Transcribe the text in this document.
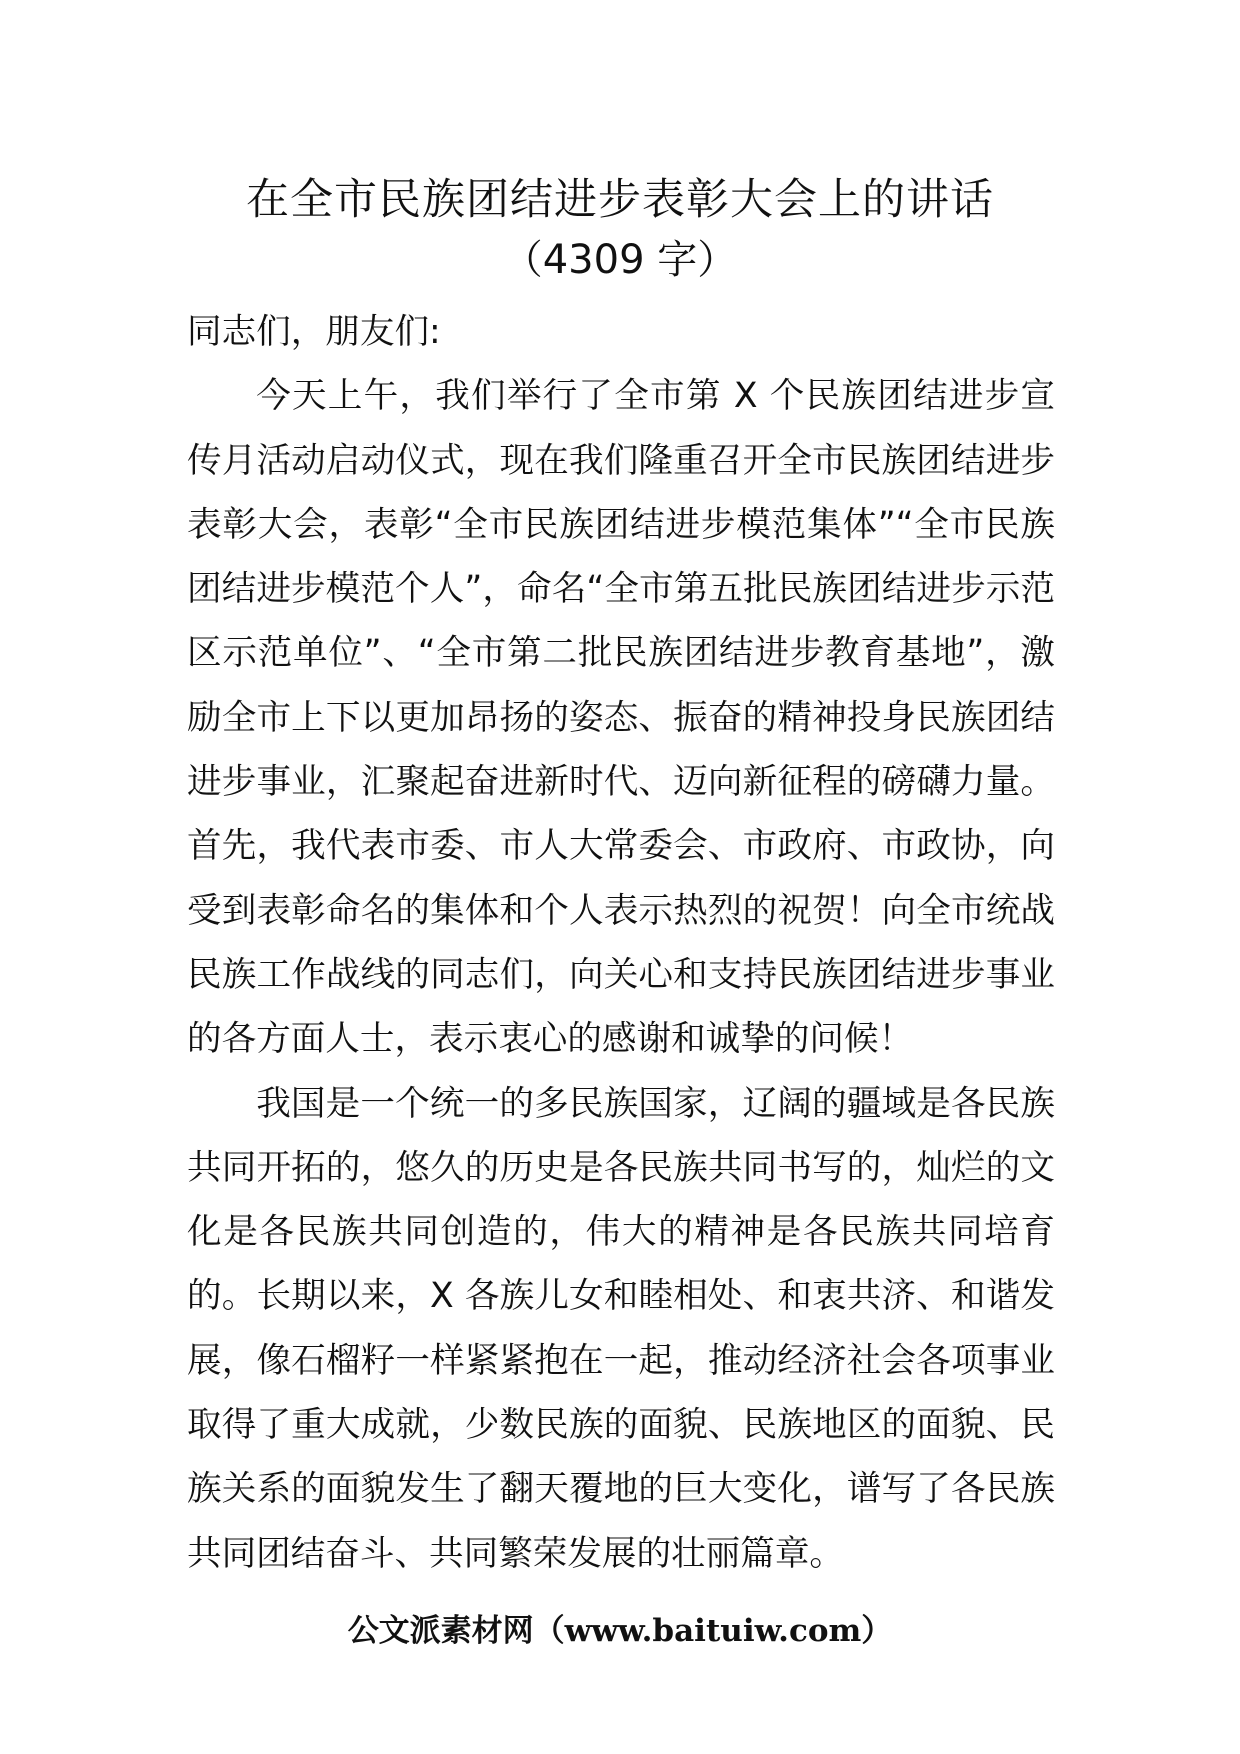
在全市民族团结进步表彰大会上的讲话
（4309 字）

同志们，朋友们:

今天上午，我们举行了全市第 X 个民族团结进步宣传月活动启动仪式，现在我们隆重召开全市民族团结进步表彰大会，表彰“全市民族团结进步模范集体”“全市民族团结进步模范个人”，命名“全市第五批民族团结进步示范区示范单位”、“全市第二批民族团结进步教育基地”，激励全市上下以更加昂扬的姿态、振奋的精神投身民族团结进步事业，汇聚起奋进新时代、迈向新征程的磅礴力量。首先，我代表市委、市人大常委会、市政府、市政协，向受到表彰命名的集体和个人表示热烈的祝贺！向全市统战民族工作战线的同志们，向关心和支持民族团结进步事业的各方面人士，表示衷心的感谢和诚挚的问候！

我国是一个统一的多民族国家，辽阔的疆域是各民族共同开拓的，悠久的历史是各民族共同书写的，灿烂的文化是各民族共同创造的，伟大的精神是各民族共同培育的。长期以来，X 各族儿女和睦相处、和衷共济、和谐发展，像石榴籽一样紧紧抱在一起，推动经济社会各项事业取得了重大成就，少数民族的面貌、民族地区的面貌、民族关系的面貌发生了翻天覆地的巨大变化，谱写了各民族共同团结奋斗、共同繁荣发展的壮丽篇章。

公文派素材网（www.baituiw.com）
